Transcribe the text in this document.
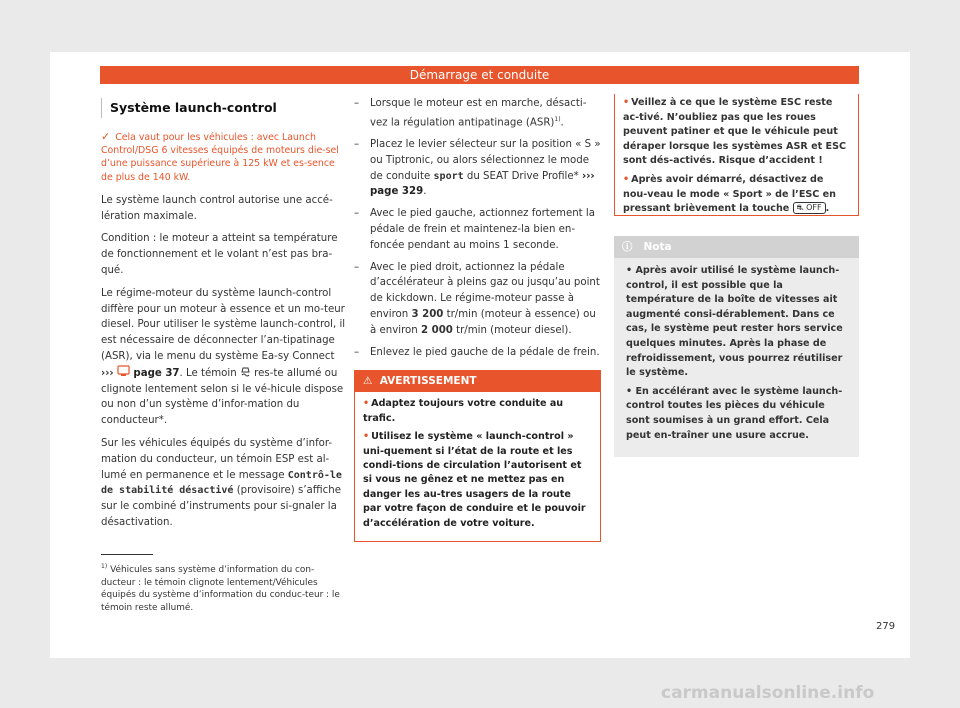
Démarrage et conduite
Système launch-control
✓ Cela vaut pour les véhicules : avec Launch Control/DSG 6 vitesses équipés de moteurs die-sel d’une puissance supérieure à 125 kW et es-sence de plus de 140 kW.

Le système launch control autorise une accé-lération maximale.

Condition : le moteur a atteint sa température de fonctionnement et le volant n’est pas bra-qué.

Le régime-moteur du système launch-control diffère pour un moteur à essence et un mo-teur diesel. Pour utiliser le système launch-control, il est nécessaire de déconnecter l’an-tipatinage (ASR), via le menu du système Ea-sy Connect ›››  page 37. Le témoin  res-te allumé ou clignote lentement selon si le vé-hicule dispose ou non d’un système d’infor-mation du conducteur*.

Sur les véhicules équipés du système d’infor-mation du conducteur, un témoin ESP est al-lumé en permanence et le message Contrô-le de stabilité désactivé (provisoire) s’affiche sur le combiné d’instruments pour si-gnaler la désactivation.

– Lorsque le moteur est en marche, désacti-vez la régulation antipatinage (ASR)$^{1)}$.
– Placez le levier sélecteur sur la position « S » ou Tiptronic, ou alors sélectionnez le mode de conduite sport du SEAT Drive Profile* ››› page 329.
– Avec le pied gauche, actionnez fortement la pédale de frein et maintenez-la bien en-foncée pendant au moins 1 seconde.
– Avec le pied droit, actionnez la pédale d’accélérateur à pleins gaz ou jusqu’au point de kickdown. Le régime-moteur passe à environ 3 200 tr/min (moteur à essence) ou à environ 2 000 tr/min (moteur diesel).
– Enlevez le pied gauche de la pédale de frein.
⚠ AVERTISSEMENT
• Adaptez toujours votre conduite au trafic.
• Utilisez le système « launch-control » uni-quement si l’état de la route et les condi-tions de circulation l’autorisent et si vous ne gênez et ne mettez pas en danger les au-tres usagers de la route par votre façon de conduire et le pouvoir d’accélération de votre voiture.
• Veillez à ce que le système ESC reste ac-tivé. N’oubliez pas que les roues peuvent patiner et que le véhicule peut déraper lorsque les systèmes ASR et ESC sont dés-activés. Risque d’accident !
• Après avoir démarré, désactivez de nou-veau le mode « Sport » de l’ESC en pressant brièvement la touche ⛐ OFF .
ⓘ Nota
• Après avoir utilisé le système launch-control, il est possible que la température de la boîte de vitesses ait augmenté consi-dérablement. Dans ce cas, le système peut rester hors service quelques minutes. Après la phase de refroidissement, vous pourrez réutiliser le système.
• En accélérant avec le système launch-control toutes les pièces du véhicule sont soumises à un grand effort. Cela peut en-traîner une usure accrue.
$^{1)}$ Véhicules sans système d’information du con-ducteur : le témoin clignote lentement/Véhicules équipés du système d’information du conduc-teur : le témoin reste allumé.
279
carmanualsonline.info
